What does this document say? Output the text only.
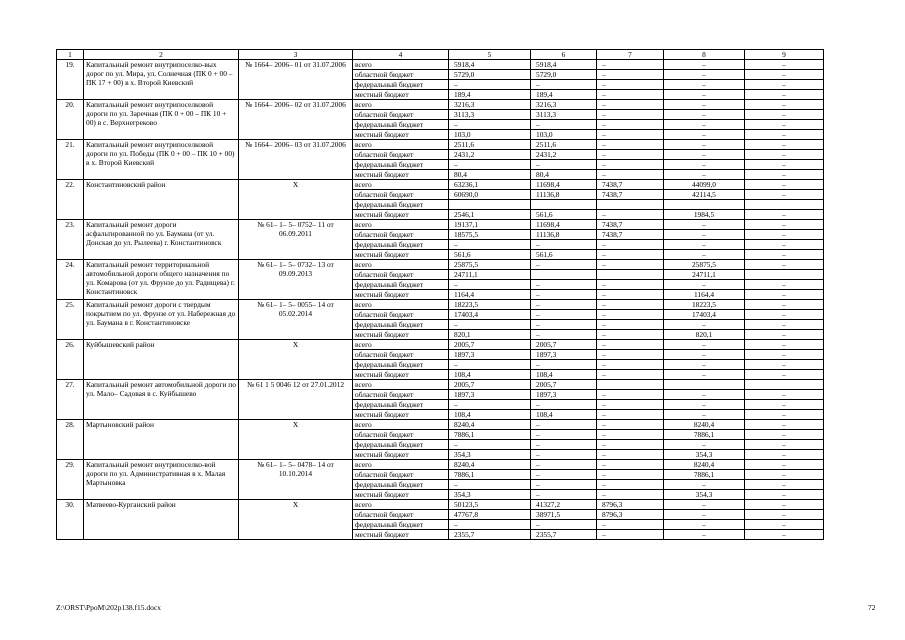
1	2	3	4	5	6	7	8	9
19.	Капитальный ремонт внутрипоселко-вых дорог по ул. Мира, ул. Солнечная (ПК 0 + 00 – ПК 17 + 00) в х. Второй Киевский	№ 1664– 2006– 01 от 31.07.2006	всего	5918,4	5918,4	–	–	–
			областной бюджет	5729,0	5729,0	–	–	–
			федеральный бюджет	–	–	–	–	–
			местный бюджет	189,4	189,4	–	–	–
20.	Капитальный ремонт внутрипоселковой дороги по ул. Заречная (ПК 0 + 00 – ПК 10 + 00) в с. Верхнегреково	№ 1664– 2006– 02 от 31.07.2006	всего	3216,3	3216,3	–	–	–
			областной бюджет	3113,3	3113,3	–	–	–
			федеральный бюджет	–	–	–	–	–
			местный бюджет	103,0	103,0	–	–	–
21.	Капитальный ремонт внутрипоселковой дороги по ул. Победы (ПК 0 + 00 – ПК 10 + 00) в х. Второй Киевский	№ 1664– 2006– 03 от 31.07.2006	всего	2511,6	2511,6	–	–	–
			областной бюджет	2431,2	2431,2	–	–	–
			федеральный бюджет	–	–	–	–	–
			местный бюджет	80,4	80,4	–	–	–
22.	Константиновский район	Х	всего	63236,1	11698,4	7438,7	44099,0	–
			областной бюджет	60690,0	11136,8	7438,7	42114,5	–
			федеральный бюджет					
			местный бюджет	2546,1	561,6	–	1984,5	–
23.	Капитальный ремонт дороги асфальтированной по ул. Баумана (от ул. Донская до ул. Рылеева) г. Константиновск	№ 61– 1– 5– 0752– 11 от 06.09.2011	всего	19137,1	11698,4	7438,7	–	–
			областной бюджет	18575,5	11136,8	7438,7	–	–
			федеральный бюджет	–	–	–	–	–
			местный бюджет	561,6	561,6	–	–	–
24.	Капитальный ремонт территориальной автомобильной дороги общего назначения по ул. Комарова (от ул. Фрунзе до ул. Радищева) г. Константиновск	№ 61– 1– 5– 0732– 13 от 09.09.2013	всего	25875,5	–	–	25875,5	–
			областной бюджет	24711,1			24711,1	
			федеральный бюджет	–	–	–	–	–
			местный бюджет	1164,4	–	–	1164,4	–
25.	Капитальный ремонт дороги с твердым покрытием по ул. Фрунзе от ул. Набережная до ул. Баумана в г. Константиновске	№ 61– 1– 5– 0055– 14 от 05.02.2014	всего	18223,5	–	–	18223,5	–
			областной бюджет	17403,4	–	–	17403,4	–
			федеральный бюджет	–	–	–	–	–
			местный бюджет	820,1	–	–	820,1	–
26.	Куйбышевский район	Х	всего	2005,7	2005,7	–	–	–
			областной бюджет	1897,3	1897,3	–	–	–
			федеральный бюджет	–	–	–	–	–
			местный бюджет	108,4	108,4	–	–	–
27.	Капитальный ремонт автомобильной дороги по ул. Мало– Садовая в с. Куйбышево	№ 61 1 5 0046 12 от 27.01.2012	всего	2005,7	2005,7			
			областной бюджет	1897,3	1897,3	–	–	–
			федеральный бюджет	–	–	–	–	–
			местный бюджет	108,4	108,4	–	–	–
28.	Мартыновский район	Х	всего	8240,4	–	–	8240,4	–
			областной бюджет	7886,1	–	–	7886,1	–
			федеральный бюджет	–	–	–	–	–
			местный бюджет	354,3	–	–	354,3	–
29.	Капитальный ремонт внутрипоселко-вой дороги по ул. Административная в х. Малая Мартыновка	№ 61– 1– 5– 0478– 14 от 10.10.2014	всего	8240,4	–	–	8240,4	–
			областной бюджет	7886,1	–	–	7886,1	–
			федеральный бюджет	–	–	–	–	–
			местный бюджет	354,3	–	–	354,3	–
30.	Матвеево-Курганский район	Х	всего	50123,5	41327,2	8796,3	–	–
			областной бюджет	47767,8	38971,5	8796,3	–	–
			федеральный бюджет	–	–	–	–	–
			местный бюджет	2355,7	2355,7	–	–	–
Z:\ORST\PpoM\202p138.f15.docx	72
